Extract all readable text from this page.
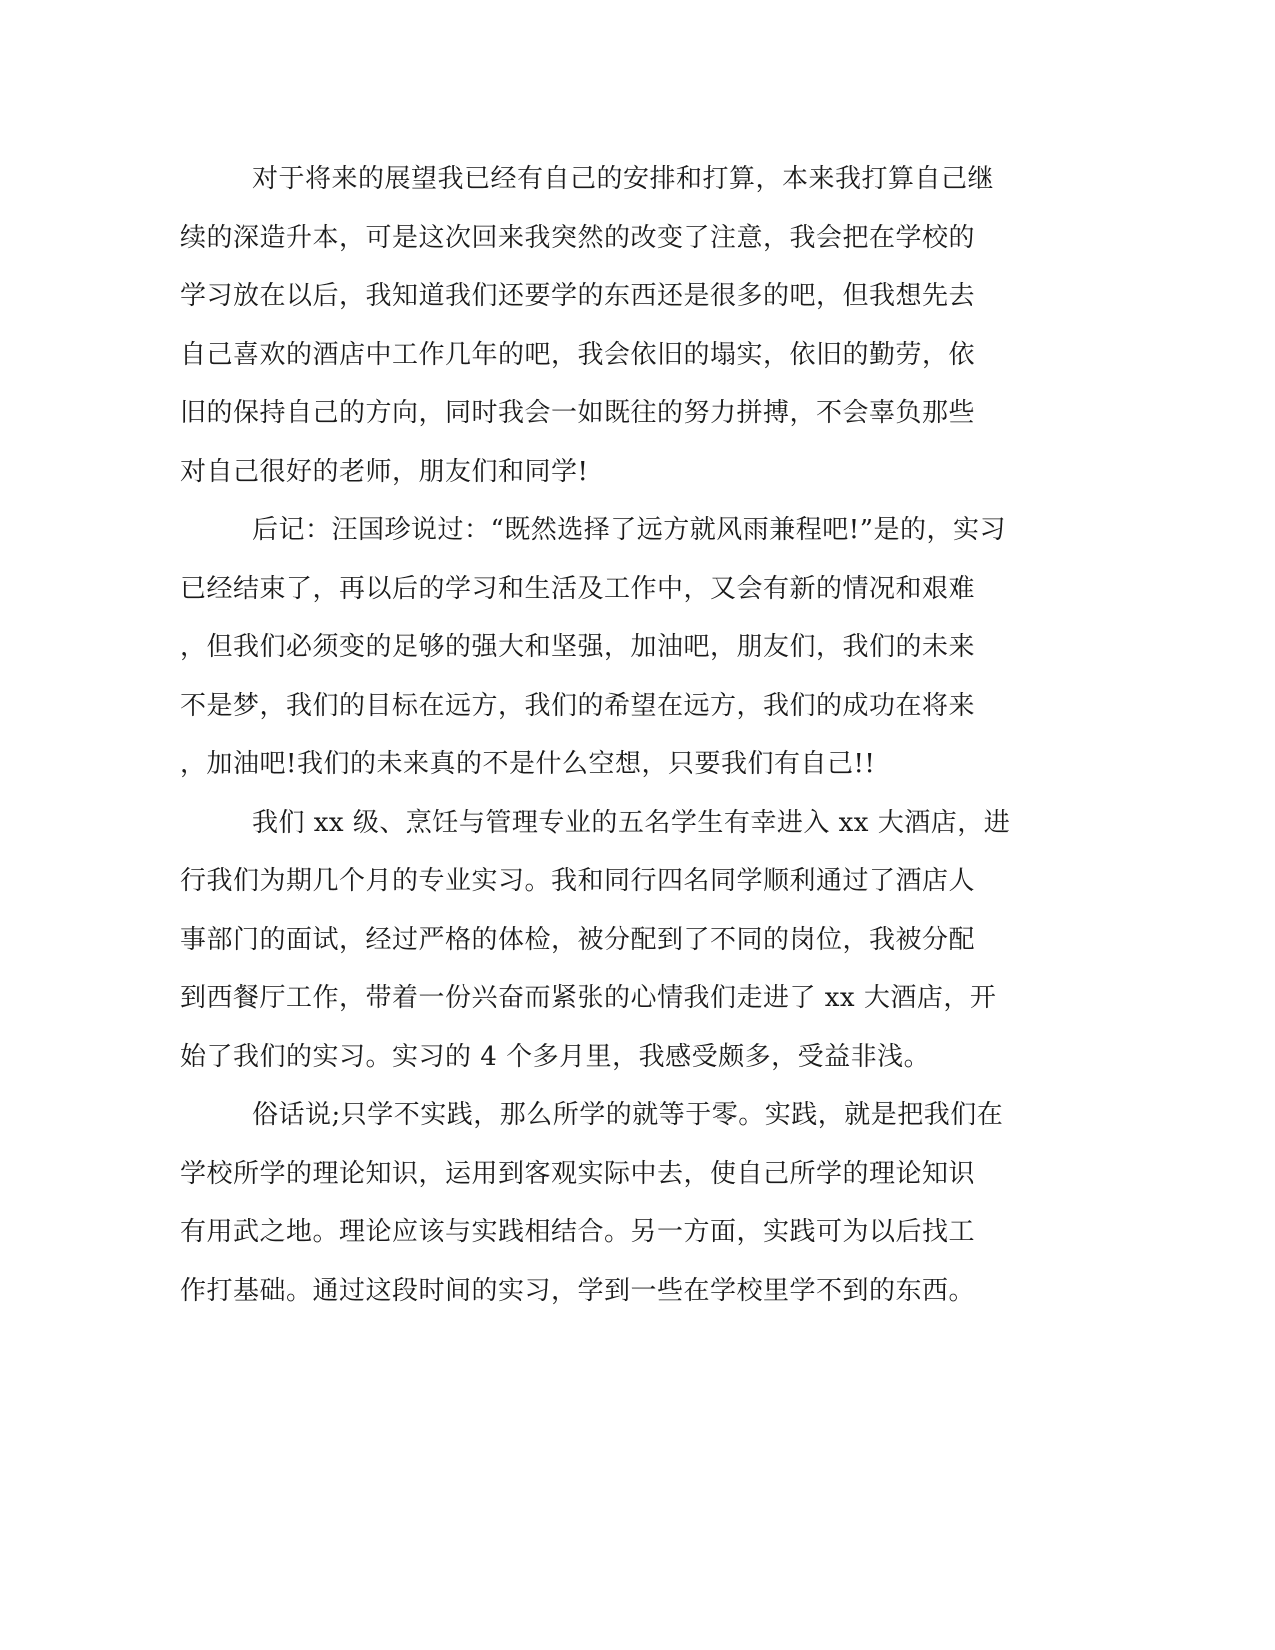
对于将来的展望我已经有自己的安排和打算，本来我打算自己继
续的深造升本，可是这次回来我突然的改变了注意，我会把在学校的
学习放在以后，我知道我们还要学的东西还是很多的吧，但我想先去
自己喜欢的酒店中工作几年的吧，我会依旧的塌实，依旧的勤劳，依
旧的保持自己的方向，同时我会一如既往的努力拼搏，不会辜负那些
对自己很好的老师，朋友们和同学!
后记：汪国珍说过：“既然选择了远方就风雨兼程吧!”是的，实习
已经结束了，再以后的学习和生活及工作中，又会有新的情况和艰难
，但我们必须变的足够的强大和坚强，加油吧，朋友们，我们的未来
不是梦，我们的目标在远方，我们的希望在远方，我们的成功在将来
，加油吧!我们的未来真的不是什么空想，只要我们有自己!!
我们 xx 级、烹饪与管理专业的五名学生有幸进入 xx 大酒店，进
行我们为期几个月的专业实习。我和同行四名同学顺利通过了酒店人
事部门的面试，经过严格的体检，被分配到了不同的岗位，我被分配
到西餐厅工作，带着一份兴奋而紧张的心情我们走进了 xx 大酒店，开
始了我们的实习。实习的 4 个多月里，我感受颇多，受益非浅。
俗话说;只学不实践，那么所学的就等于零。实践，就是把我们在
学校所学的理论知识，运用到客观实际中去，使自己所学的理论知识
有用武之地。理论应该与实践相结合。另一方面，实践可为以后找工
作打基础。通过这段时间的实习，学到一些在学校里学不到的东西。
